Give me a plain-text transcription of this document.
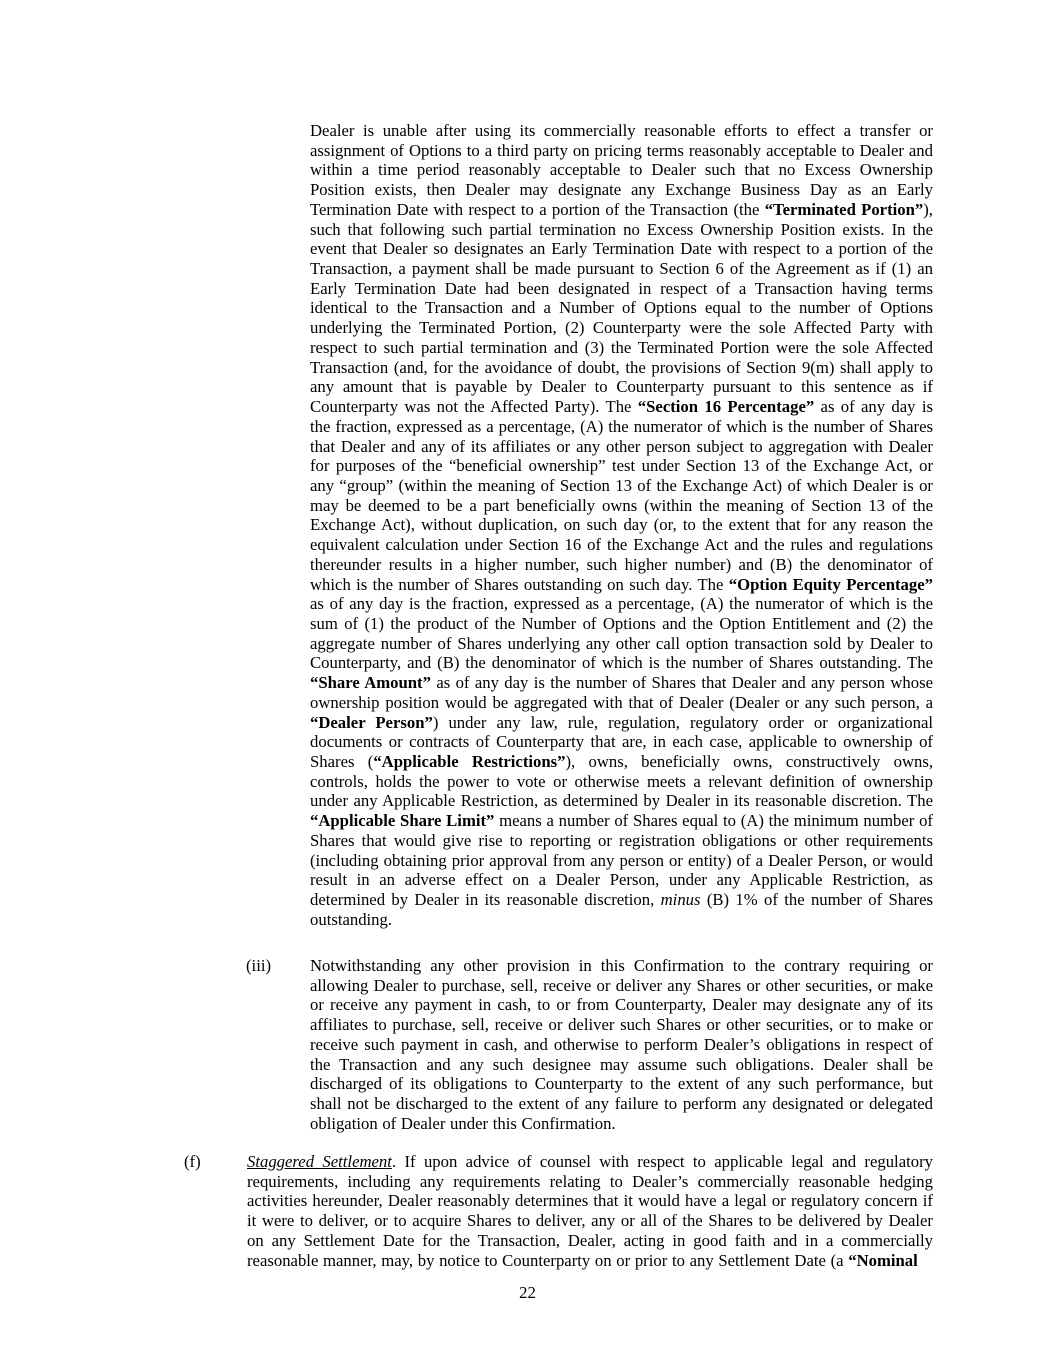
Dealer is unable after using its commercially reasonable efforts to effect a transfer or assignment of Options to a third party on pricing terms reasonably acceptable to Dealer and within a time period reasonably acceptable to Dealer such that no Excess Ownership Position exists, then Dealer may designate any Exchange Business Day as an Early Termination Date with respect to a portion of the Transaction (the “Terminated Portion”), such that following such partial termination no Excess Ownership Position exists. In the event that Dealer so designates an Early Termination Date with respect to a portion of the Transaction, a payment shall be made pursuant to Section 6 of the Agreement as if (1) an Early Termination Date had been designated in respect of a Transaction having terms identical to the Transaction and a Number of Options equal to the number of Options underlying the Terminated Portion, (2) Counterparty were the sole Affected Party with respect to such partial termination and (3) the Terminated Portion were the sole Affected Transaction (and, for the avoidance of doubt, the provisions of Section 9(m) shall apply to any amount that is payable by Dealer to Counterparty pursuant to this sentence as if Counterparty was not the Affected Party). The “Section 16 Percentage” as of any day is the fraction, expressed as a percentage, (A) the numerator of which is the number of Shares that Dealer and any of its affiliates or any other person subject to aggregation with Dealer for purposes of the “beneficial ownership” test under Section 13 of the Exchange Act, or any “group” (within the meaning of Section 13 of the Exchange Act) of which Dealer is or may be deemed to be a part beneficially owns (within the meaning of Section 13 of the Exchange Act), without duplication, on such day (or, to the extent that for any reason the equivalent calculation under Section 16 of the Exchange Act and the rules and regulations thereunder results in a higher number, such higher number) and (B) the denominator of which is the number of Shares outstanding on such day. The “Option Equity Percentage” as of any day is the fraction, expressed as a percentage, (A) the numerator of which is the sum of (1) the product of the Number of Options and the Option Entitlement and (2) the aggregate number of Shares underlying any other call option transaction sold by Dealer to Counterparty, and (B) the denominator of which is the number of Shares outstanding. The “Share Amount” as of any day is the number of Shares that Dealer and any person whose ownership position would be aggregated with that of Dealer (Dealer or any such person, a “Dealer Person”) under any law, rule, regulation, regulatory order or organizational documents or contracts of Counterparty that are, in each case, applicable to ownership of Shares (“Applicable Restrictions”), owns, beneficially owns, constructively owns, controls, holds the power to vote or otherwise meets a relevant definition of ownership under any Applicable Restriction, as determined by Dealer in its reasonable discretion. The “Applicable Share Limit” means a number of Shares equal to (A) the minimum number of Shares that would give rise to reporting or registration obligations or other requirements (including obtaining prior approval from any person or entity) of a Dealer Person, or would result in an adverse effect on a Dealer Person, under any Applicable Restriction, as determined by Dealer in its reasonable discretion, minus (B) 1% of the number of Shares outstanding.
(iii) Notwithstanding any other provision in this Confirmation to the contrary requiring or allowing Dealer to purchase, sell, receive or deliver any Shares or other securities, or make or receive any payment in cash, to or from Counterparty, Dealer may designate any of its affiliates to purchase, sell, receive or deliver such Shares or other securities, or to make or receive such payment in cash, and otherwise to perform Dealer’s obligations in respect of the Transaction and any such designee may assume such obligations. Dealer shall be discharged of its obligations to Counterparty to the extent of any such performance, but shall not be discharged to the extent of any failure to perform any designated or delegated obligation of Dealer under this Confirmation.
(f)	Staggered Settlement. If upon advice of counsel with respect to applicable legal and regulatory requirements, including any requirements relating to Dealer’s commercially reasonable hedging activities hereunder, Dealer reasonably determines that it would have a legal or regulatory concern if it were to deliver, or to acquire Shares to deliver, any or all of the Shares to be delivered by Dealer on any Settlement Date for the Transaction, Dealer, acting in good faith and in a commercially reasonable manner, may, by notice to Counterparty on or prior to any Settlement Date (a “Nominal
22
